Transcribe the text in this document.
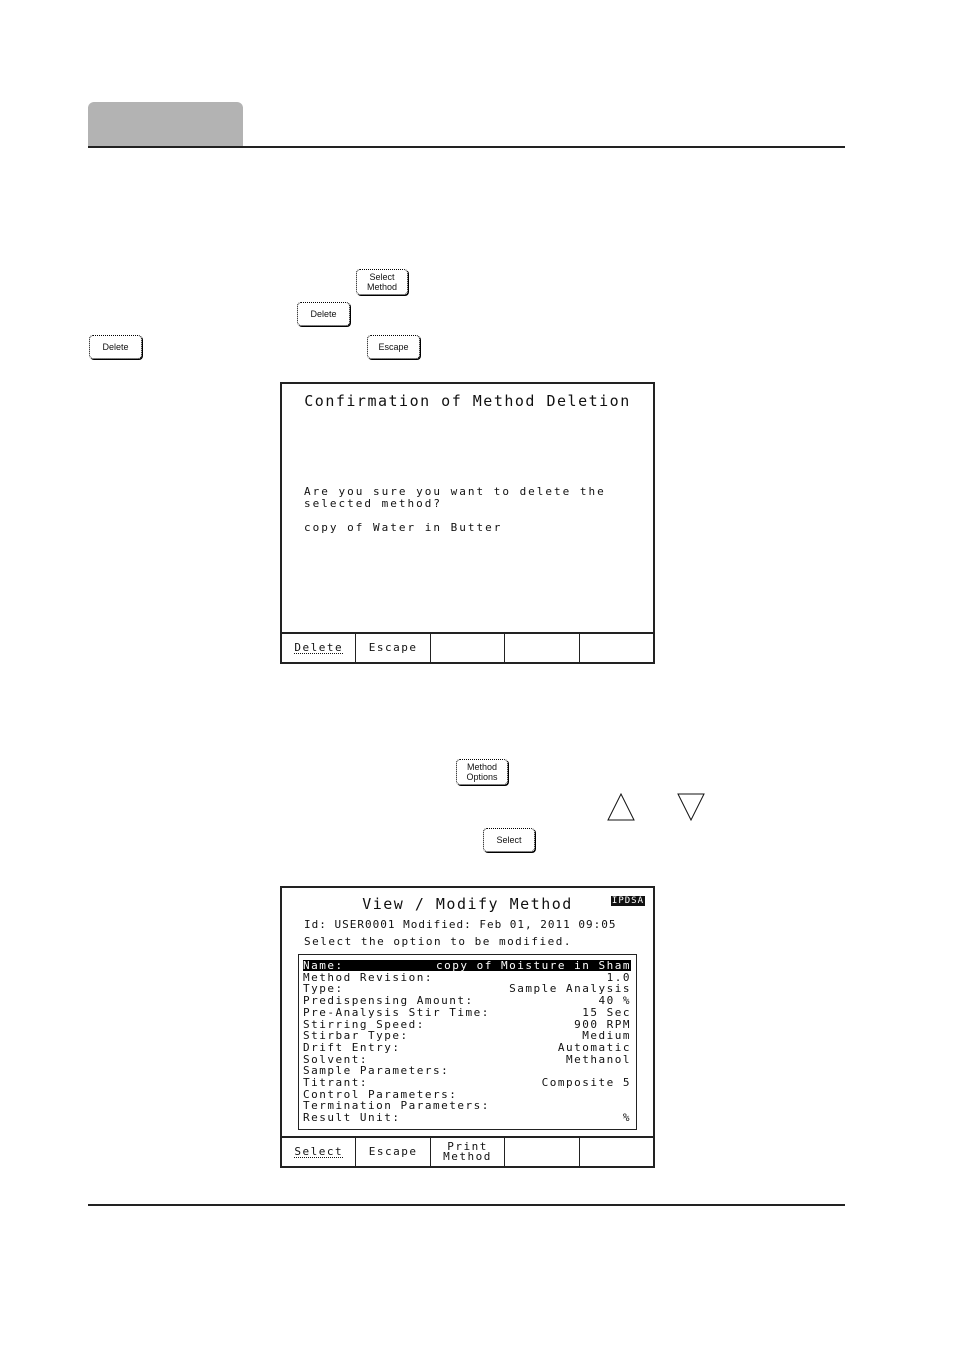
Select
Method
Delete
Delete	Escape
Confirmation of Method Deletion
Are you sure you want to delete the
selected method?
copy of Water in Butter
Delete Escape
Method
Options
Select
View / Modify Method	IPDSA
Id: USER0001 Modified: Feb 01, 2011 09:05
Select the option to be modified.
Name:	copy of Moisture in Sham
Method Revision:	1.0
Type:	Sample Analysis
Predispensing Amount:	40 %
Pre-Analysis Stir Time:	15 Sec
Stirring Speed:	900 RPM
Stirbar Type:	Medium
Drift Entry:	Automatic
Solvent:	Methanol
Sample Parameters:
Titrant:	Composite 5
Control Parameters:
Termination Parameters:
Result Unit:	%
Select Escape	Print Method
